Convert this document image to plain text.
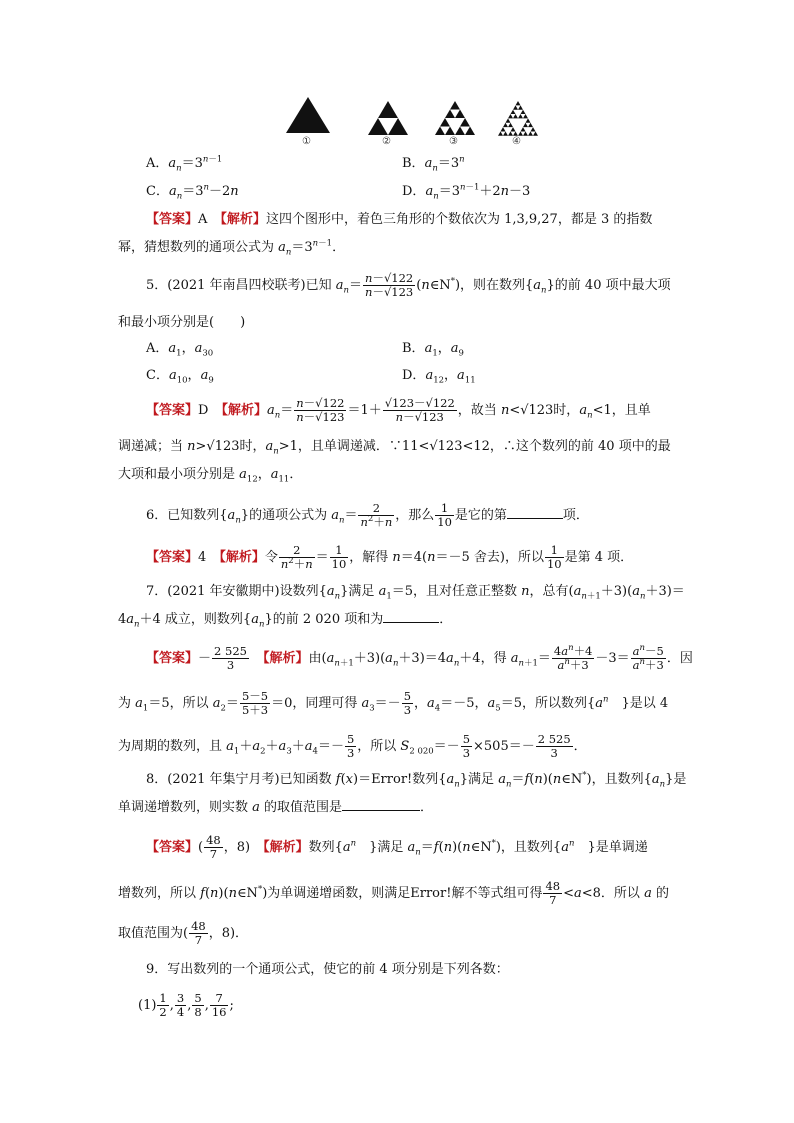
①	②	③	④
A．$a_n=3^{n-1}$	B．$a_n=3^n$
C．$a_n=3^n-2n$	D．$a_n=3^{n-1}+2n-3$
【答案】A　 【解析】这四个图形中，着色三角形的个数依次为 1,3,9,27，都是 3 的指数
幂，猜想数列的通项公式为 $a_n=3^{n-1}$．
5．(2021 年南昌四校联考)已知 $a_n= \frac{n-√122}{n-√123}$ (n∈N*)，则在数列$\{a_n\}$的前 40 项中最大项
和最小项分别是(　　)
A．$a_1$，$a_{30}$	B．$a_1$，$a_9$
C．$a_{10}$，$a_9$	D．$a_{12}$，$a_{11}$
【答案】D　 【解析】$a_n= \frac{n-√122}{n-√123} =1+ \frac{√123-√122}{n-√123}$ ，故当 n<√123时，$a_n<1$，且单
调递减；当 n>√123时，$a_n>1$，且单调递减．∵11<√123<12，∴这个数列的前 40 项中的最
大项和最小项分别是 $a_{12}$，$a_{11}$．
6．已知数列$\{a_n\}$的通项公式为 $a_n= \frac{2}{n^2+n}$ ，那么 $\frac{1}{10}$ 是它的第	项．
【答案】4　 【解析】令 $\frac{2}{n^2+n} = \frac{1}{10}$ ，解得 n＝4(n＝－5 舍去)，所以 $\frac{1}{10}$ 是第 4 项．
7．(2021 年安徽期中)设数列$\{a_n\}$满足 $a_1=5$，且对任意正整数 n，总有$(a_{n+1}+3)(a_n+3)=$
$4a_n+4$ 成立，则数列$\{a_n\}$的前 2 020 项和为	．
【答案】－ $\frac{2 525}{3}$
　 【解析】由$(a_{n+1}+3)(a_n+3)=4a_n+4$，得 $a_{n+1}= \frac{4a^n+4}{a^n+3} -3= \frac{a^n-5}{a^n+3}$ ．因
为 $a_1=5$，所以 $a_2= \frac{5-5}{5+3} =0$，同理可得 $a_3=- \frac{5}{3}$ ，$a_4=-5$，$a_5=5$，所以数列{$a^n$　}是以 4
为周期的数列，且 $a_1+a_2+a_3+a_4=- \frac{5}{3}$ ，所以 $S_{2 020}=- \frac{5}{3} \times 505=- \frac{2 525}{3}$ ．
8．(2021 年集宁月考)已知函数 f(x)＝Error!数列$\{a_n\}$满足 $a_n=f(n)(n\in N^*)$，且数列$\{a_n\}$是
单调递增数列，则实数 a 的取值范围是	．
【答案】( $\frac{48}{7}$ ，8)　【解析】数列{$a^n$　}满足 $a_n=f(n)(n\in N^*)$，且数列{$a^n$　}是单调递
增数列，所以 f(n)(n∈N*)为单调递增函数，则满足Error!解不等式组可得 $\frac{48}{7} <a<8$．所以 a 的
取值范围为( $\frac{48}{7}$ ，8)．
9．写出数列的一个通项公式，使它的前 4 项分别是下列各数：
$(1) \frac{1}{2}$ , $\frac{3}{4}$ , $\frac{5}{8}$ , $\frac{7}{16}$ ;
